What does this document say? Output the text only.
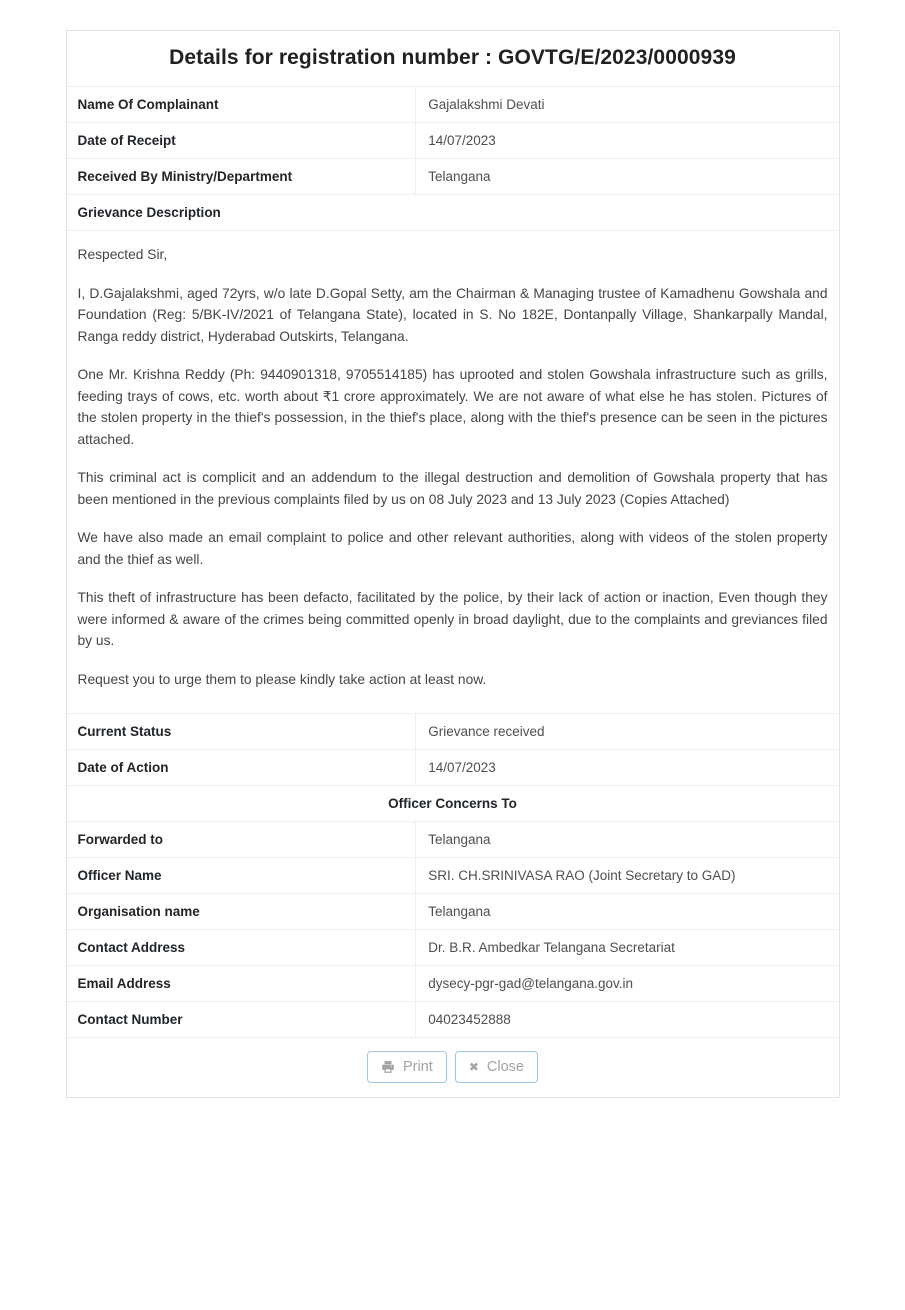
Details for registration number : GOVTG/E/2023/0000939
Name Of Complainant	Gajalakshmi Devati
Date of Receipt	14/07/2023
Received By Ministry/Department	Telangana
Grievance Description

Respected Sir,

I, D.Gajalakshmi, aged 72yrs, w/o late D.Gopal Setty, am the Chairman & Managing trustee of Kamadhenu Gowshala and Foundation (Reg: 5/BK-IV/2021 of Telangana State), located in S. No 182E, Dontanpally Village, Shankarpally Mandal, Ranga reddy district, Hyderabad Outskirts, Telangana.

One Mr. Krishna Reddy (Ph: 9440901318, 9705514185) has uprooted and stolen Gowshala infrastructure such as grills, feeding trays of cows, etc. worth about ₹1 crore approximately. We are not aware of what else he has stolen. Pictures of the stolen property in the thief's possession, in the thief's place, along with the thief's presence can be seen in the pictures attached.

This criminal act is complicit and an addendum to the illegal destruction and demolition of Gowshala property that has been mentioned in the previous complaints filed by us on 08 July 2023 and 13 July 2023 (Copies Attached)

We have also made an email complaint to police and other relevant authorities, along with videos of the stolen property and the thief as well.

This theft of infrastructure has been defacto, facilitated by the police, by their lack of action or inaction, Even though they were informed & aware of the crimes being committed openly in broad daylight, due to the complaints and greviances filed by us.

Request you to urge them to please kindly take action at least now.

Current Status	Grievance received
Date of Action	14/07/2023
Officer Concerns To
Forwarded to	Telangana
Officer Name	SRI. CH.SRINIVASA RAO (Joint Secretary to GAD)
Organisation name	Telangana
Contact Address	Dr. B.R. Ambedkar Telangana Secretariat
Email Address	dysecy-pgr-gad@telangana.gov.in
Contact Number	04023452888
Print	✖ Close
